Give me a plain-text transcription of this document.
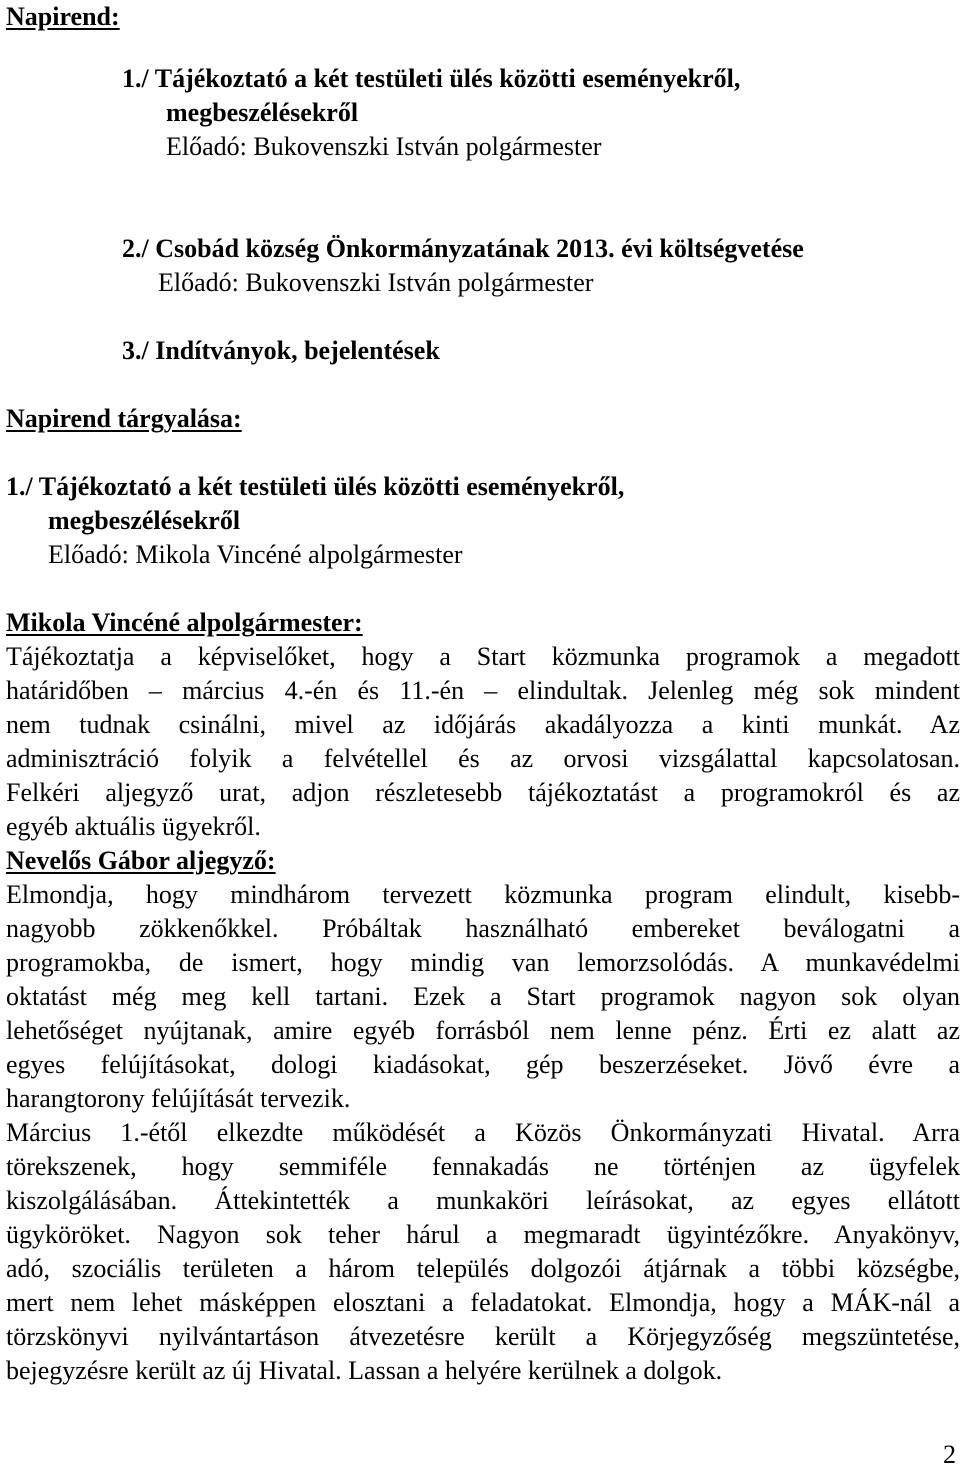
Napirend:
1./ Tájékoztató a két testületi ülés közötti eseményekről,
megbeszélésekről
Előadó: Bukovenszki István polgármester
2./ Csobád község Önkormányzatának 2013. évi költségvetése
Előadó: Bukovenszki István polgármester
3./ Indítványok, bejelentések
Napirend tárgyalása:
1./ Tájékoztató a két testületi ülés közötti eseményekről,
megbeszélésekről
Előadó: Mikola Vincéné alpolgármester
Mikola Vincéné alpolgármester:
Tájékoztatja a képviselőket, hogy a Start közmunka programok a megadott
határidőben – március 4.-én és 11.-én – elindultak. Jelenleg még sok mindent
nem tudnak csinálni, mivel az időjárás akadályozza a kinti munkát. Az
adminisztráció folyik a felvétellel és az orvosi vizsgálattal kapcsolatosan.
Felkéri aljegyző urat, adjon részletesebb tájékoztatást a programokról és az
egyéb aktuális ügyekről.
Nevelős Gábor aljegyző:
Elmondja, hogy mindhárom tervezett közmunka program elindult, kisebb-
nagyobb zökkenőkkel. Próbáltak használható embereket beválogatni a
programokba, de ismert, hogy mindig van lemorzsolódás. A munkavédelmi
oktatást még meg kell tartani. Ezek a Start programok nagyon sok olyan
lehetőséget nyújtanak, amire egyéb forrásból nem lenne pénz. Érti ez alatt az
egyes felújításokat, dologi kiadásokat, gép beszerzéseket. Jövő évre a
harangtorony felújítását tervezik.
Március 1.-étől elkezdte működését a Közös Önkormányzati Hivatal. Arra
törekszenek, hogy semmiféle fennakadás ne történjen az ügyfelek
kiszolgálásában. Áttekintették a munkaköri leírásokat, az egyes ellátott
ügyköröket. Nagyon sok teher hárul a megmaradt ügyintézőkre. Anyakönyv,
adó, szociális területen a három település dolgozói átjárnak a többi községbe,
mert nem lehet másképpen elosztani a feladatokat. Elmondja, hogy a MÁK-nál a
törzskönyvi nyilvántartáson átvezetésre került a Körjegyzőség megszüntetése,
bejegyzésre került az új Hivatal. Lassan a helyére kerülnek a dolgok.
2
